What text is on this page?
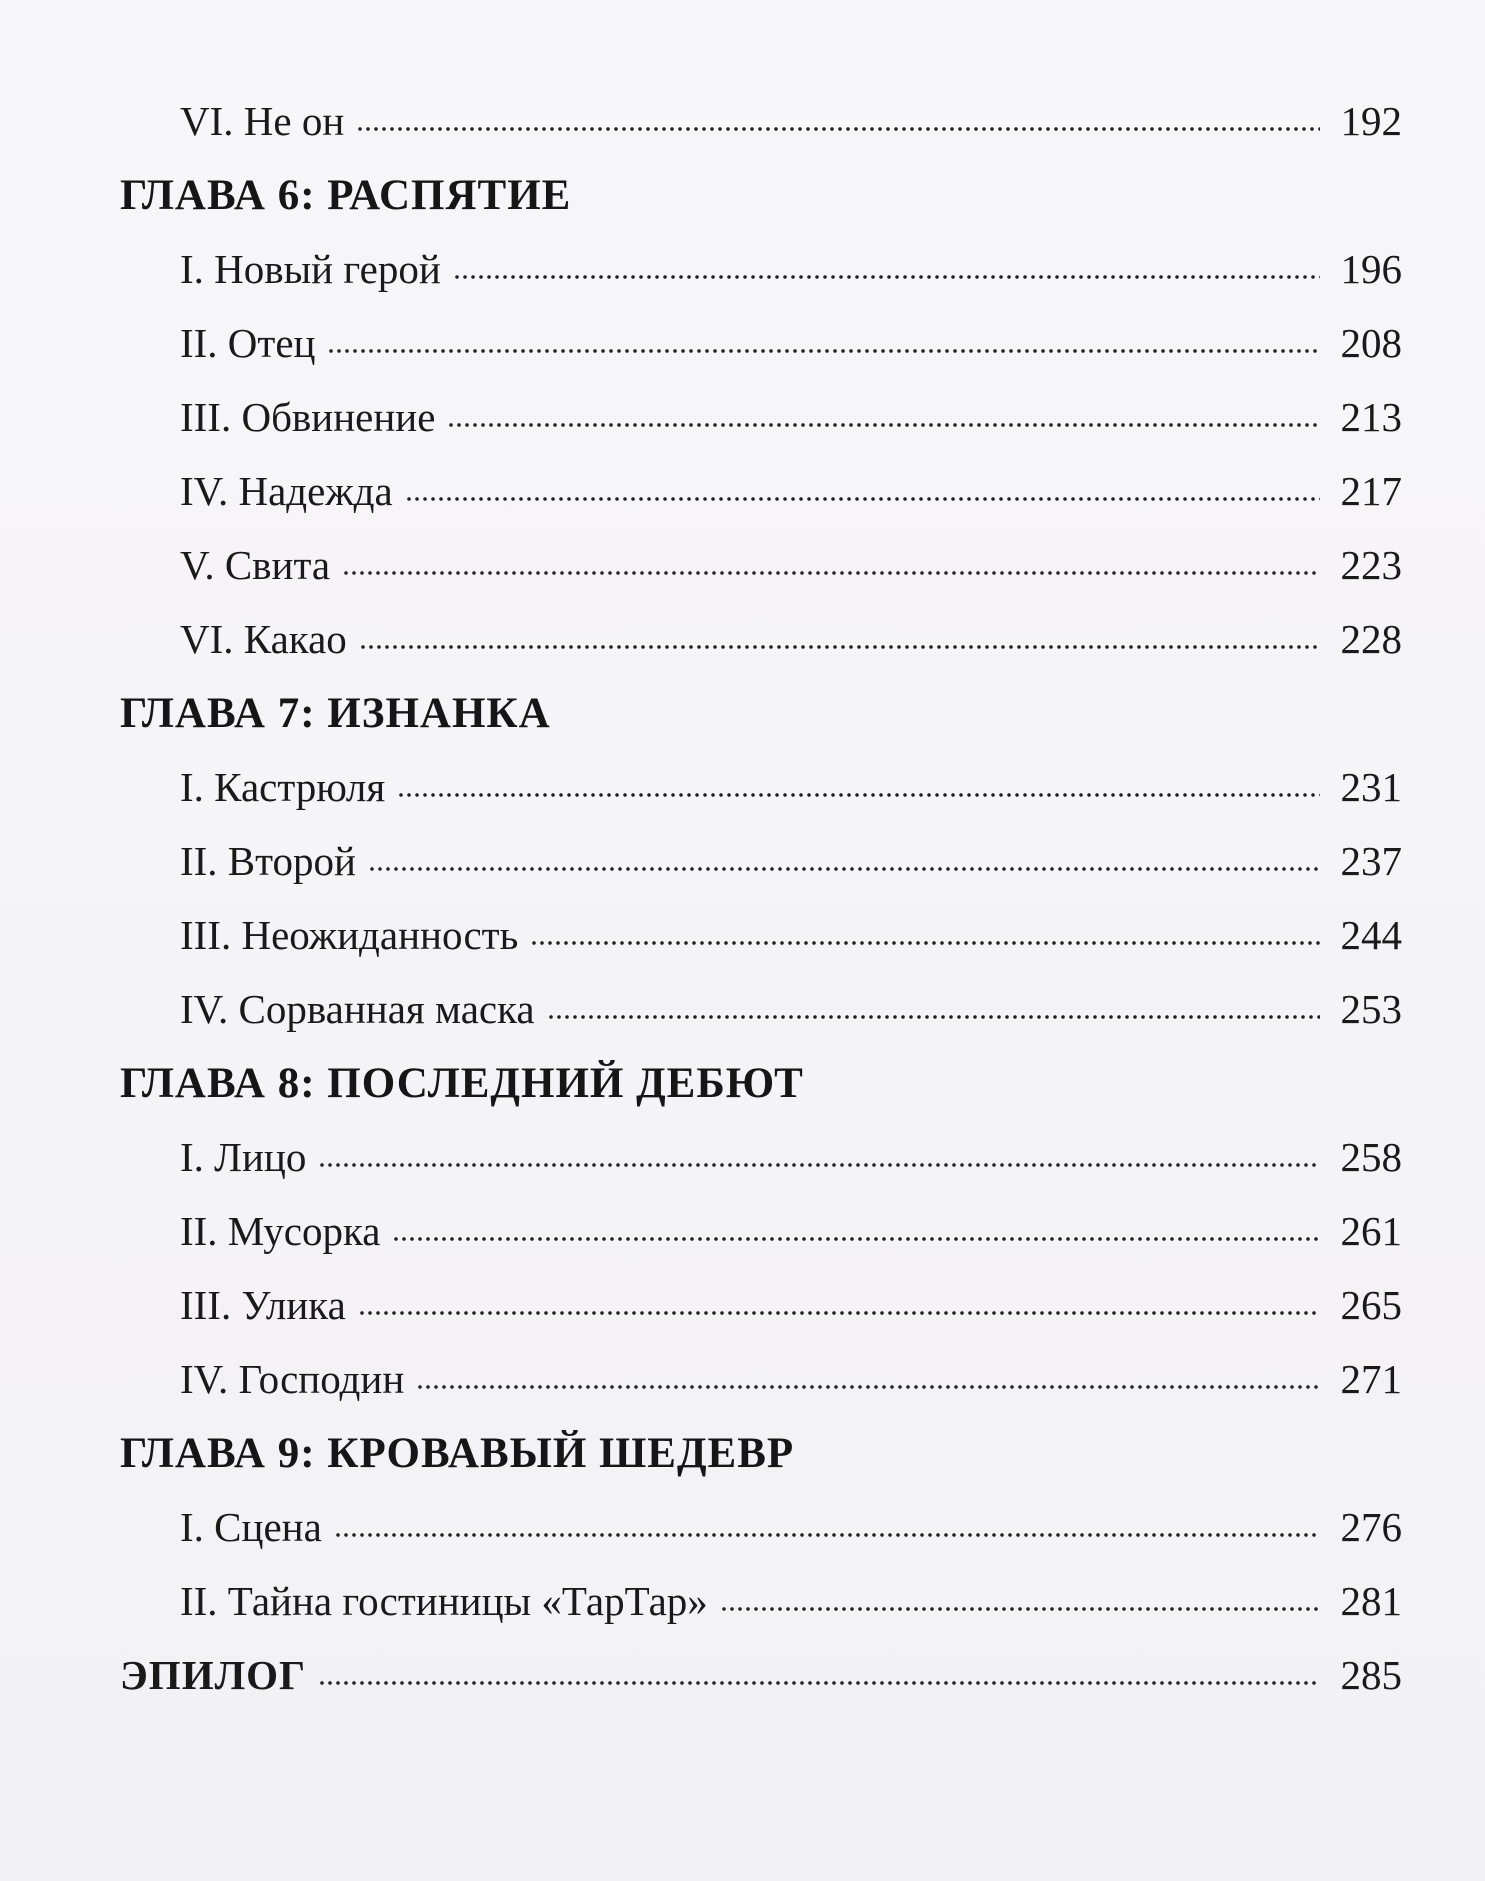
VI. Не он	192
ГЛАВА 6: РАСПЯТИЕ
I. Новый герой	196
II. Отец	208
III. Обвинение	213
IV. Надежда	217
V. Свита	223
VI. Какао	228
ГЛАВА 7: ИЗНАНКА
I. Кастрюля	231
II. Второй	237
III. Неожиданность	244
IV. Сорванная маска	253
ГЛАВА 8: ПОСЛЕДНИЙ ДЕБЮТ
I. Лицо	258
II. Мусорка	261
III. Улика	265
IV. Господин	271
ГЛАВА 9: КРОВАВЫЙ ШЕДЕВР
I. Сцена	276
II. Тайна гостиницы «ТарТар»	281
ЭПИЛОГ	285
